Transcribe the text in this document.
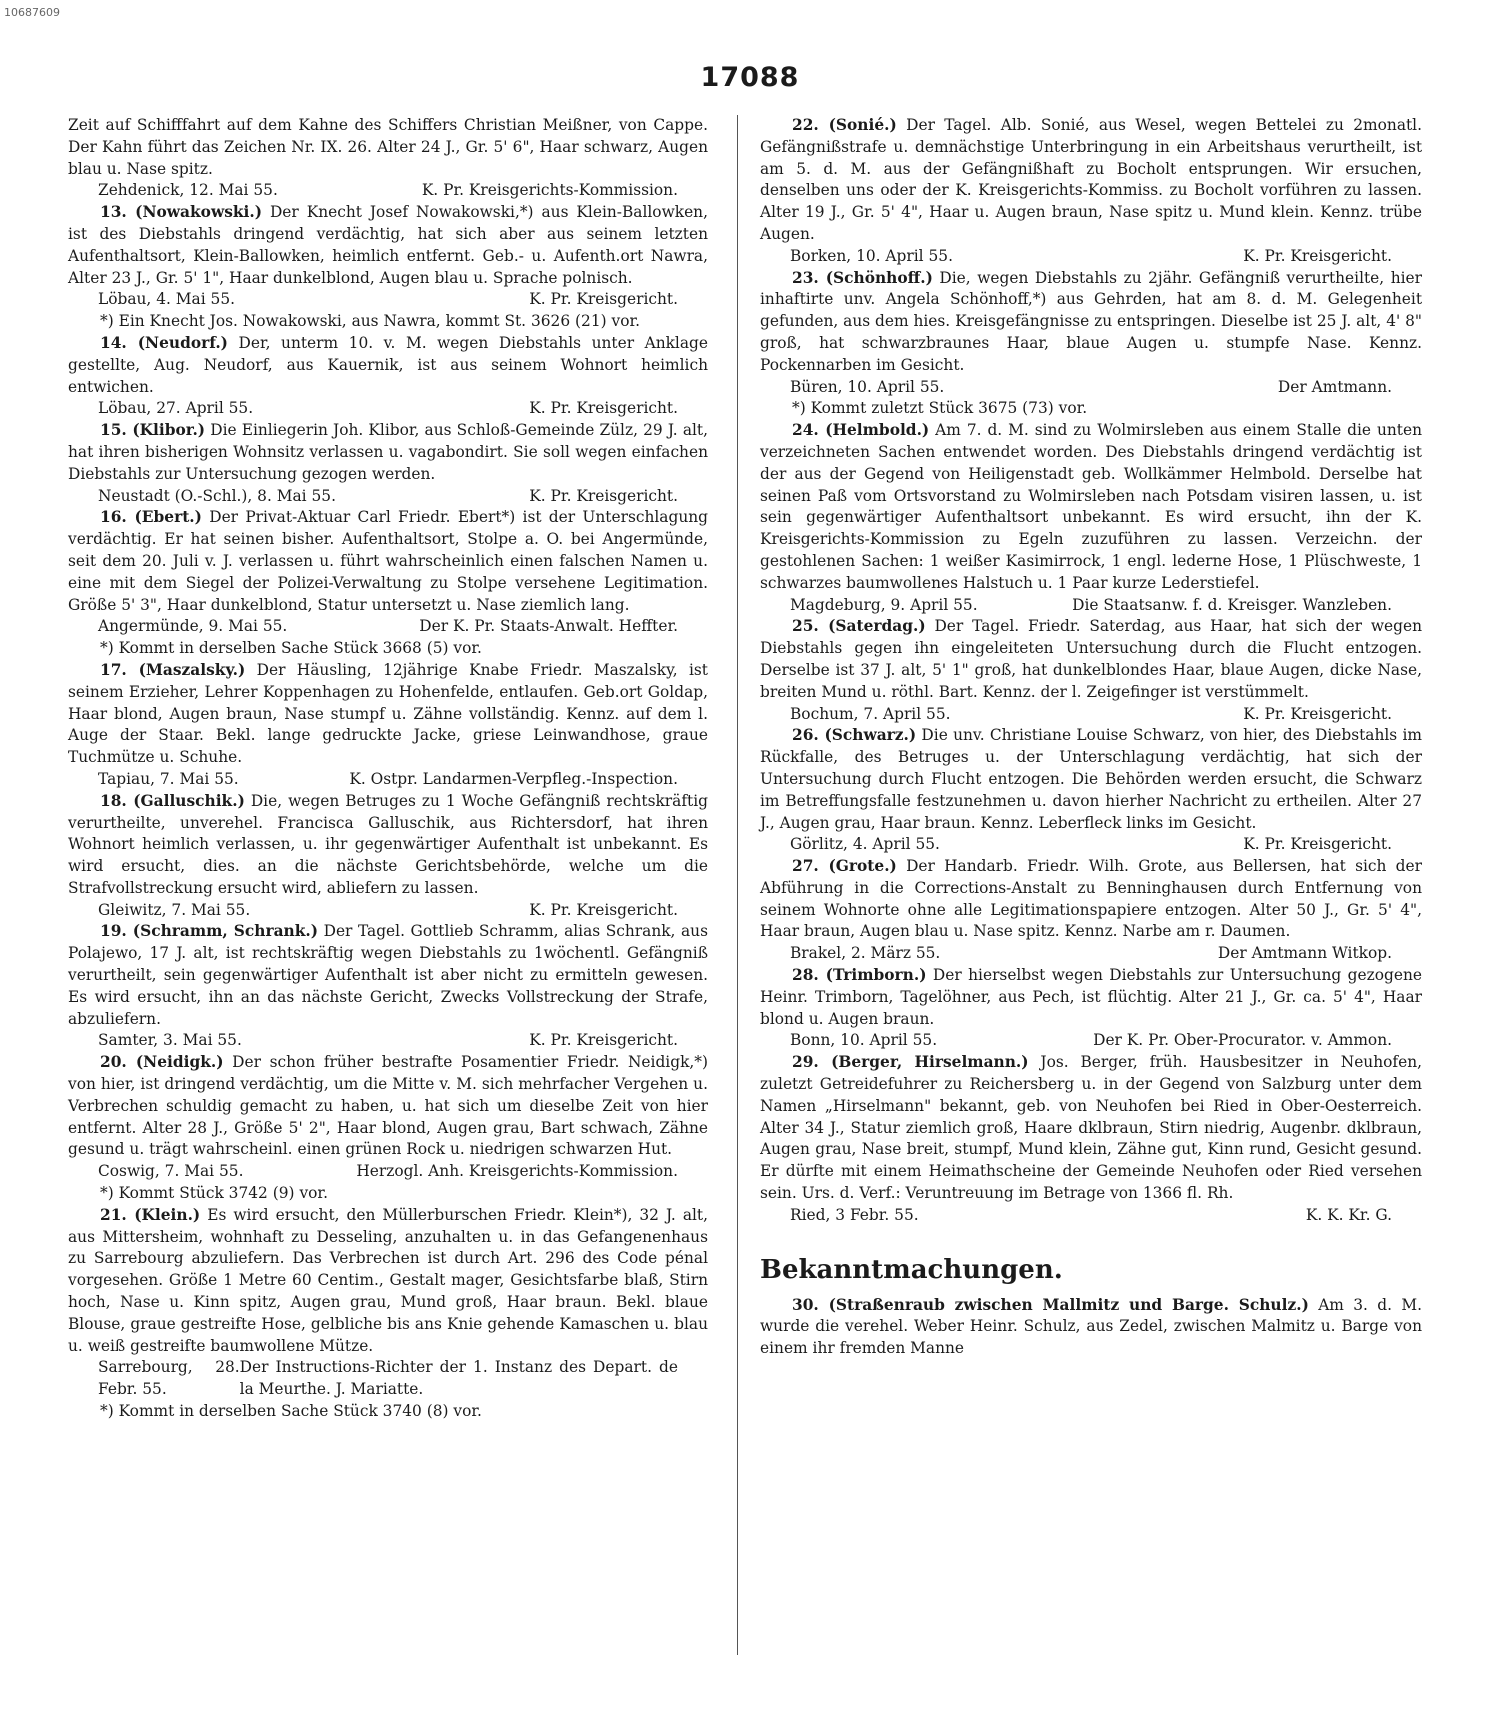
10687609
17088

Zeit auf Schifffahrt auf dem Kahne des Schiffers Christian Meißner, von Cappe. Der Kahn führt das Zeichen Nr. IX. 26. Alter 24 J., Gr. 5' 6", Haar schwarz, Augen blau u. Nase spitz.

Zehdenick, 12. Mai 55.	K. Pr. Kreisgerichts-Kommission.

13. (Nowakowski.) Der Knecht Josef Nowakowski,*) aus Klein-Ballowken, ist des Diebstahls dringend verdächtig, hat sich aber aus seinem letzten Aufenthaltsort, Klein-Ballowken, heimlich entfernt. Geb.- u. Aufenth.ort Nawra, Alter 23 J., Gr. 5' 1", Haar dunkelblond, Augen blau u. Sprache polnisch.

Löbau, 4. Mai 55.	K. Pr. Kreisgericht.

*) Ein Knecht Jos. Nowakowski, aus Nawra, kommt St. 3626 (21) vor.

14. (Neudorf.) Der, unterm 10. v. M. wegen Diebstahls unter Anklage gestellte, Aug. Neudorf, aus Kauernik, ist aus seinem Wohnort heimlich entwichen.

Löbau, 27. April 55.	K. Pr. Kreisgericht.

15. (Klibor.) Die Einliegerin Joh. Klibor, aus Schloß-Gemeinde Zülz, 29 J. alt, hat ihren bisherigen Wohnsitz verlassen u. vagabondirt. Sie soll wegen einfachen Diebstahls zur Untersuchung gezogen werden.

Neustadt (O.-Schl.), 8. Mai 55.	K. Pr. Kreisgericht.

16. (Ebert.) Der Privat-Aktuar Carl Friedr. Ebert*) ist der Unterschlagung verdächtig. Er hat seinen bisher. Aufenthaltsort, Stolpe a. O. bei Angermünde, seit dem 20. Juli v. J. verlassen u. führt wahrscheinlich einen falschen Namen u. eine mit dem Siegel der Polizei-Verwaltung zu Stolpe versehene Legitimation. Größe 5' 3", Haar dunkelblond, Statur untersetzt u. Nase ziemlich lang.

Angermünde, 9. Mai 55.	Der K. Pr. Staats-Anwalt. Heffter.

*) Kommt in derselben Sache Stück 3668 (5) vor.

17. (Maszalsky.) Der Häusling, 12jährige Knabe Friedr. Maszalsky, ist seinem Erzieher, Lehrer Koppenhagen zu Hohenfelde, entlaufen. Geb.ort Goldap, Haar blond, Augen braun, Nase stumpf u. Zähne vollständig. Kennz. auf dem l. Auge der Staar. Bekl. lange gedruckte Jacke, griese Leinwandhose, graue Tuchmütze u. Schuhe.

Tapiau, 7. Mai 55.	K. Ostpr. Landarmen-Verpfleg.-Inspection.

18. (Galluschik.) Die, wegen Betruges zu 1 Woche Gefängniß rechtskräftig verurtheilte, unverehel. Francisca Galluschik, aus Richtersdorf, hat ihren Wohnort heimlich verlassen, u. ihr gegenwärtiger Aufenthalt ist unbekannt. Es wird ersucht, dies. an die nächste Gerichtsbehörde, welche um die Strafvollstreckung ersucht wird, abliefern zu lassen.

Gleiwitz, 7. Mai 55.	K. Pr. Kreisgericht.

19. (Schramm, Schrank.) Der Tagel. Gottlieb Schramm, alias Schrank, aus Polajewo, 17 J. alt, ist rechtskräftig wegen Diebstahls zu 1wöchentl. Gefängniß verurtheilt, sein gegenwärtiger Aufenthalt ist aber nicht zu ermitteln gewesen. Es wird ersucht, ihn an das nächste Gericht, Zwecks Vollstreckung der Strafe, abzuliefern.

Samter, 3. Mai 55.	K. Pr. Kreisgericht.

20. (Neidigk.) Der schon früher bestrafte Posamentier Friedr. Neidigk,*) von hier, ist dringend verdächtig, um die Mitte v. M. sich mehrfacher Vergehen u. Verbrechen schuldig gemacht zu haben, u. hat sich um dieselbe Zeit von hier entfernt. Alter 28 J., Größe 5' 2", Haar blond, Augen grau, Bart schwach, Zähne gesund u. trägt wahrscheinl. einen grünen Rock u. niedrigen schwarzen Hut.

Coswig, 7. Mai 55.	Herzogl. Anh. Kreisgerichts-Kommission.

*) Kommt Stück 3742 (9) vor.

21. (Klein.) Es wird ersucht, den Müllerburschen Friedr. Klein*), 32 J. alt, aus Mittersheim, wohnhaft zu Desseling, anzuhalten u. in das Gefangenenhaus zu Sarrebourg abzuliefern. Das Verbrechen ist durch Art. 296 des Code pénal vorgesehen. Größe 1 Metre 60 Centim., Gestalt mager, Gesichtsfarbe blaß, Stirn hoch, Nase u. Kinn spitz, Augen grau, Mund groß, Haar braun. Bekl. blaue Blouse, graue gestreifte Hose, gelbliche bis ans Knie gehende Kamaschen u. blau u. weiß gestreifte baumwollene Mütze.

Sarrebourg, 28. Febr. 55.
Der Instructions-Richter der 1. Instanz des Depart. de la Meurthe. J. Mariatte.

*) Kommt in derselben Sache Stück 3740 (8) vor.

22. (Sonié.) Der Tagel. Alb. Sonié, aus Wesel, wegen Bettelei zu 2monatl. Gefängnißstrafe u. demnächstige Unterbringung in ein Arbeitshaus verurtheilt, ist am 5. d. M. aus der Gefängnißhaft zu Bocholt entsprungen. Wir ersuchen, denselben uns oder der K. Kreisgerichts-Kommiss. zu Bocholt vorführen zu lassen. Alter 19 J., Gr. 5' 4", Haar u. Augen braun, Nase spitz u. Mund klein. Kennz. trübe Augen.

Borken, 10. April 55.	K. Pr. Kreisgericht.

23. (Schönhoff.) Die, wegen Diebstahls zu 2jähr. Gefängniß verurtheilte, hier inhaftirte unv. Angela Schönhoff,*) aus Gehrden, hat am 8. d. M. Gelegenheit gefunden, aus dem hies. Kreisgefängnisse zu entspringen. Dieselbe ist 25 J. alt, 4' 8" groß, hat schwarzbraunes Haar, blaue Augen u. stumpfe Nase. Kennz. Pockennarben im Gesicht.

Büren, 10. April 55.	Der Amtmann.

*) Kommt zuletzt Stück 3675 (73) vor.

24. (Helmbold.) Am 7. d. M. sind zu Wolmirsleben aus einem Stalle die unten verzeichneten Sachen entwendet worden. Des Diebstahls dringend verdächtig ist der aus der Gegend von Heiligenstadt geb. Wollkämmer Helmbold. Derselbe hat seinen Paß vom Ortsvorstand zu Wolmirsleben nach Potsdam visiren lassen, u. ist sein gegenwärtiger Aufenthaltsort unbekannt. Es wird ersucht, ihn der K. Kreisgerichts-Kommission zu Egeln zuzuführen zu lassen. Verzeichn. der gestohlenen Sachen: 1 weißer Kasimirrock, 1 engl. lederne Hose, 1 Plüschweste, 1 schwarzes baumwollenes Halstuch u. 1 Paar kurze Lederstiefel.

Magdeburg, 9. April 55.	Die Staatsanw. f. d. Kreisger. Wanzleben.

25. (Saterdag.) Der Tagel. Friedr. Saterdag, aus Haar, hat sich der wegen Diebstahls gegen ihn eingeleiteten Untersuchung durch die Flucht entzogen. Derselbe ist 37 J. alt, 5' 1" groß, hat dunkelblondes Haar, blaue Augen, dicke Nase, breiten Mund u. röthl. Bart. Kennz. der l. Zeigefinger ist verstümmelt.

Bochum, 7. April 55.	K. Pr. Kreisgericht.

26. (Schwarz.) Die unv. Christiane Louise Schwarz, von hier, des Diebstahls im Rückfalle, des Betruges u. der Unterschlagung verdächtig, hat sich der Untersuchung durch Flucht entzogen. Die Behörden werden ersucht, die Schwarz im Betreffungsfalle festzunehmen u. davon hierher Nachricht zu ertheilen. Alter 27 J., Augen grau, Haar braun. Kennz. Leberfleck links im Gesicht.

Görlitz, 4. April 55.	K. Pr. Kreisgericht.

27. (Grote.) Der Handarb. Friedr. Wilh. Grote, aus Bellersen, hat sich der Abführung in die Corrections-Anstalt zu Benninghausen durch Entfernung von seinem Wohnorte ohne alle Legitimationspapiere entzogen. Alter 50 J., Gr. 5' 4", Haar braun, Augen blau u. Nase spitz. Kennz. Narbe am r. Daumen.

Brakel, 2. März 55.	Der Amtmann Witkop.

28. (Trimborn.) Der hierselbst wegen Diebstahls zur Untersuchung gezogene Heinr. Trimborn, Tagelöhner, aus Pech, ist flüchtig. Alter 21 J., Gr. ca. 5' 4", Haar blond u. Augen braun.

Bonn, 10. April 55.	Der K. Pr. Ober-Procurator. v. Ammon.

29. (Berger, Hirselmann.) Jos. Berger, früh. Hausbesitzer in Neuhofen, zuletzt Getreidefuhrer zu Reichersberg u. in der Gegend von Salzburg unter dem Namen „Hirselmann" bekannt, geb. von Neuhofen bei Ried in Ober-Oesterreich. Alter 34 J., Statur ziemlich groß, Haare dklbraun, Stirn niedrig, Augenbr. dklbraun, Augen grau, Nase breit, stumpf, Mund klein, Zähne gut, Kinn rund, Gesicht gesund. Er dürfte mit einem Heimathscheine der Gemeinde Neuhofen oder Ried versehen sein. Urs. d. Verf.: Veruntreuung im Betrage von 1366 fl. Rh.

Ried, 3 Febr. 55.	K. K. Kr. G.

Bekanntmachungen.

30. (Straßenraub zwischen Mallmitz und Barge. Schulz.) Am 3. d. M. wurde die verehel. Weber Heinr. Schulz, aus Zedel, zwischen Malmitz u. Barge von einem ihr fremden Manne
